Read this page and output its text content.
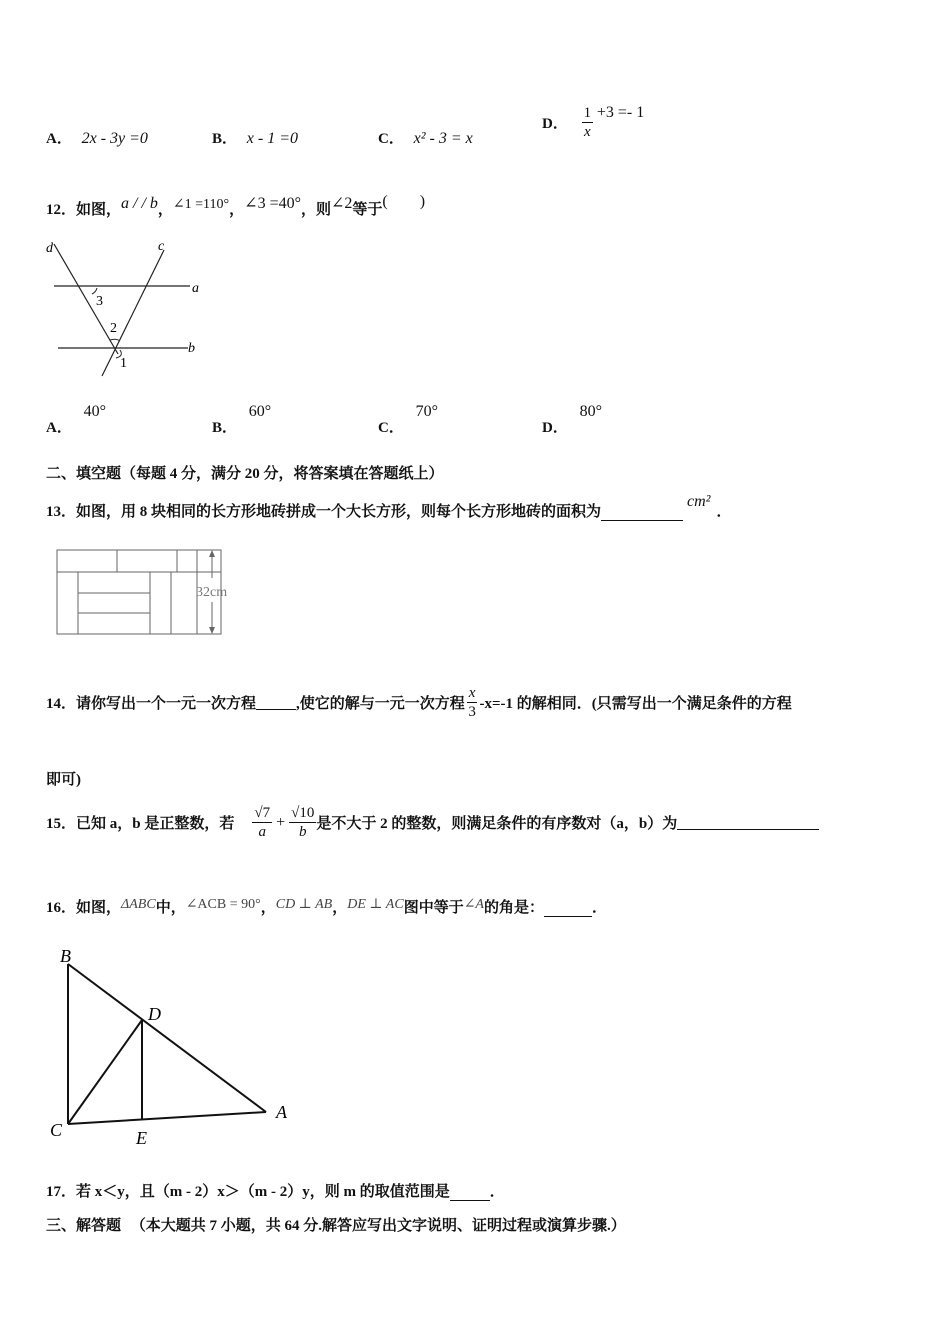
A． 2x - 3y =0	B． x - 1 =0	C． x² - 3 = x
D． $\frac{1}{x} +3 =- 1$
12．如图，a / / b，∠1 =110°，∠3 =40°，则∠2等于(　　)
d	c
a
b
3
2
1
A． 40°
B． 60°
C． 70°
D． 80°
二、填空题（每题 4 分，满分 20 分，将答案填在答题纸上）
13．如图，用 8 块相同的长方形地砖拼成一个大长方形，则每个长方形地砖的面积为cm²．
32cm
14．请你写出一个一元一次方程	,使它的解与一元一次方程 $\frac{x}{3} -x=-1$ 的解相同．(只需写出一个满足条件的方程
即可)
15．已知 a，b 是正整数，若 $\frac{√7}{a} + \frac{√10}{b}$ 是不大于 2 的整数，则满足条件的有序数对（a，b）为
16．如图，ΔABC中，∠ACB = 90°，CD ⊥ AB，DE ⊥ AC图中等于∠A的角是：	．
B
D
C	E
A
17．若 x＜y，且（m - 2）x＞（m - 2）y，则 m 的取值范围是	．
三、解答题 （本大题共 7 小题，共 64 分.解答应写出文字说明、证明过程或演算步骤.）
